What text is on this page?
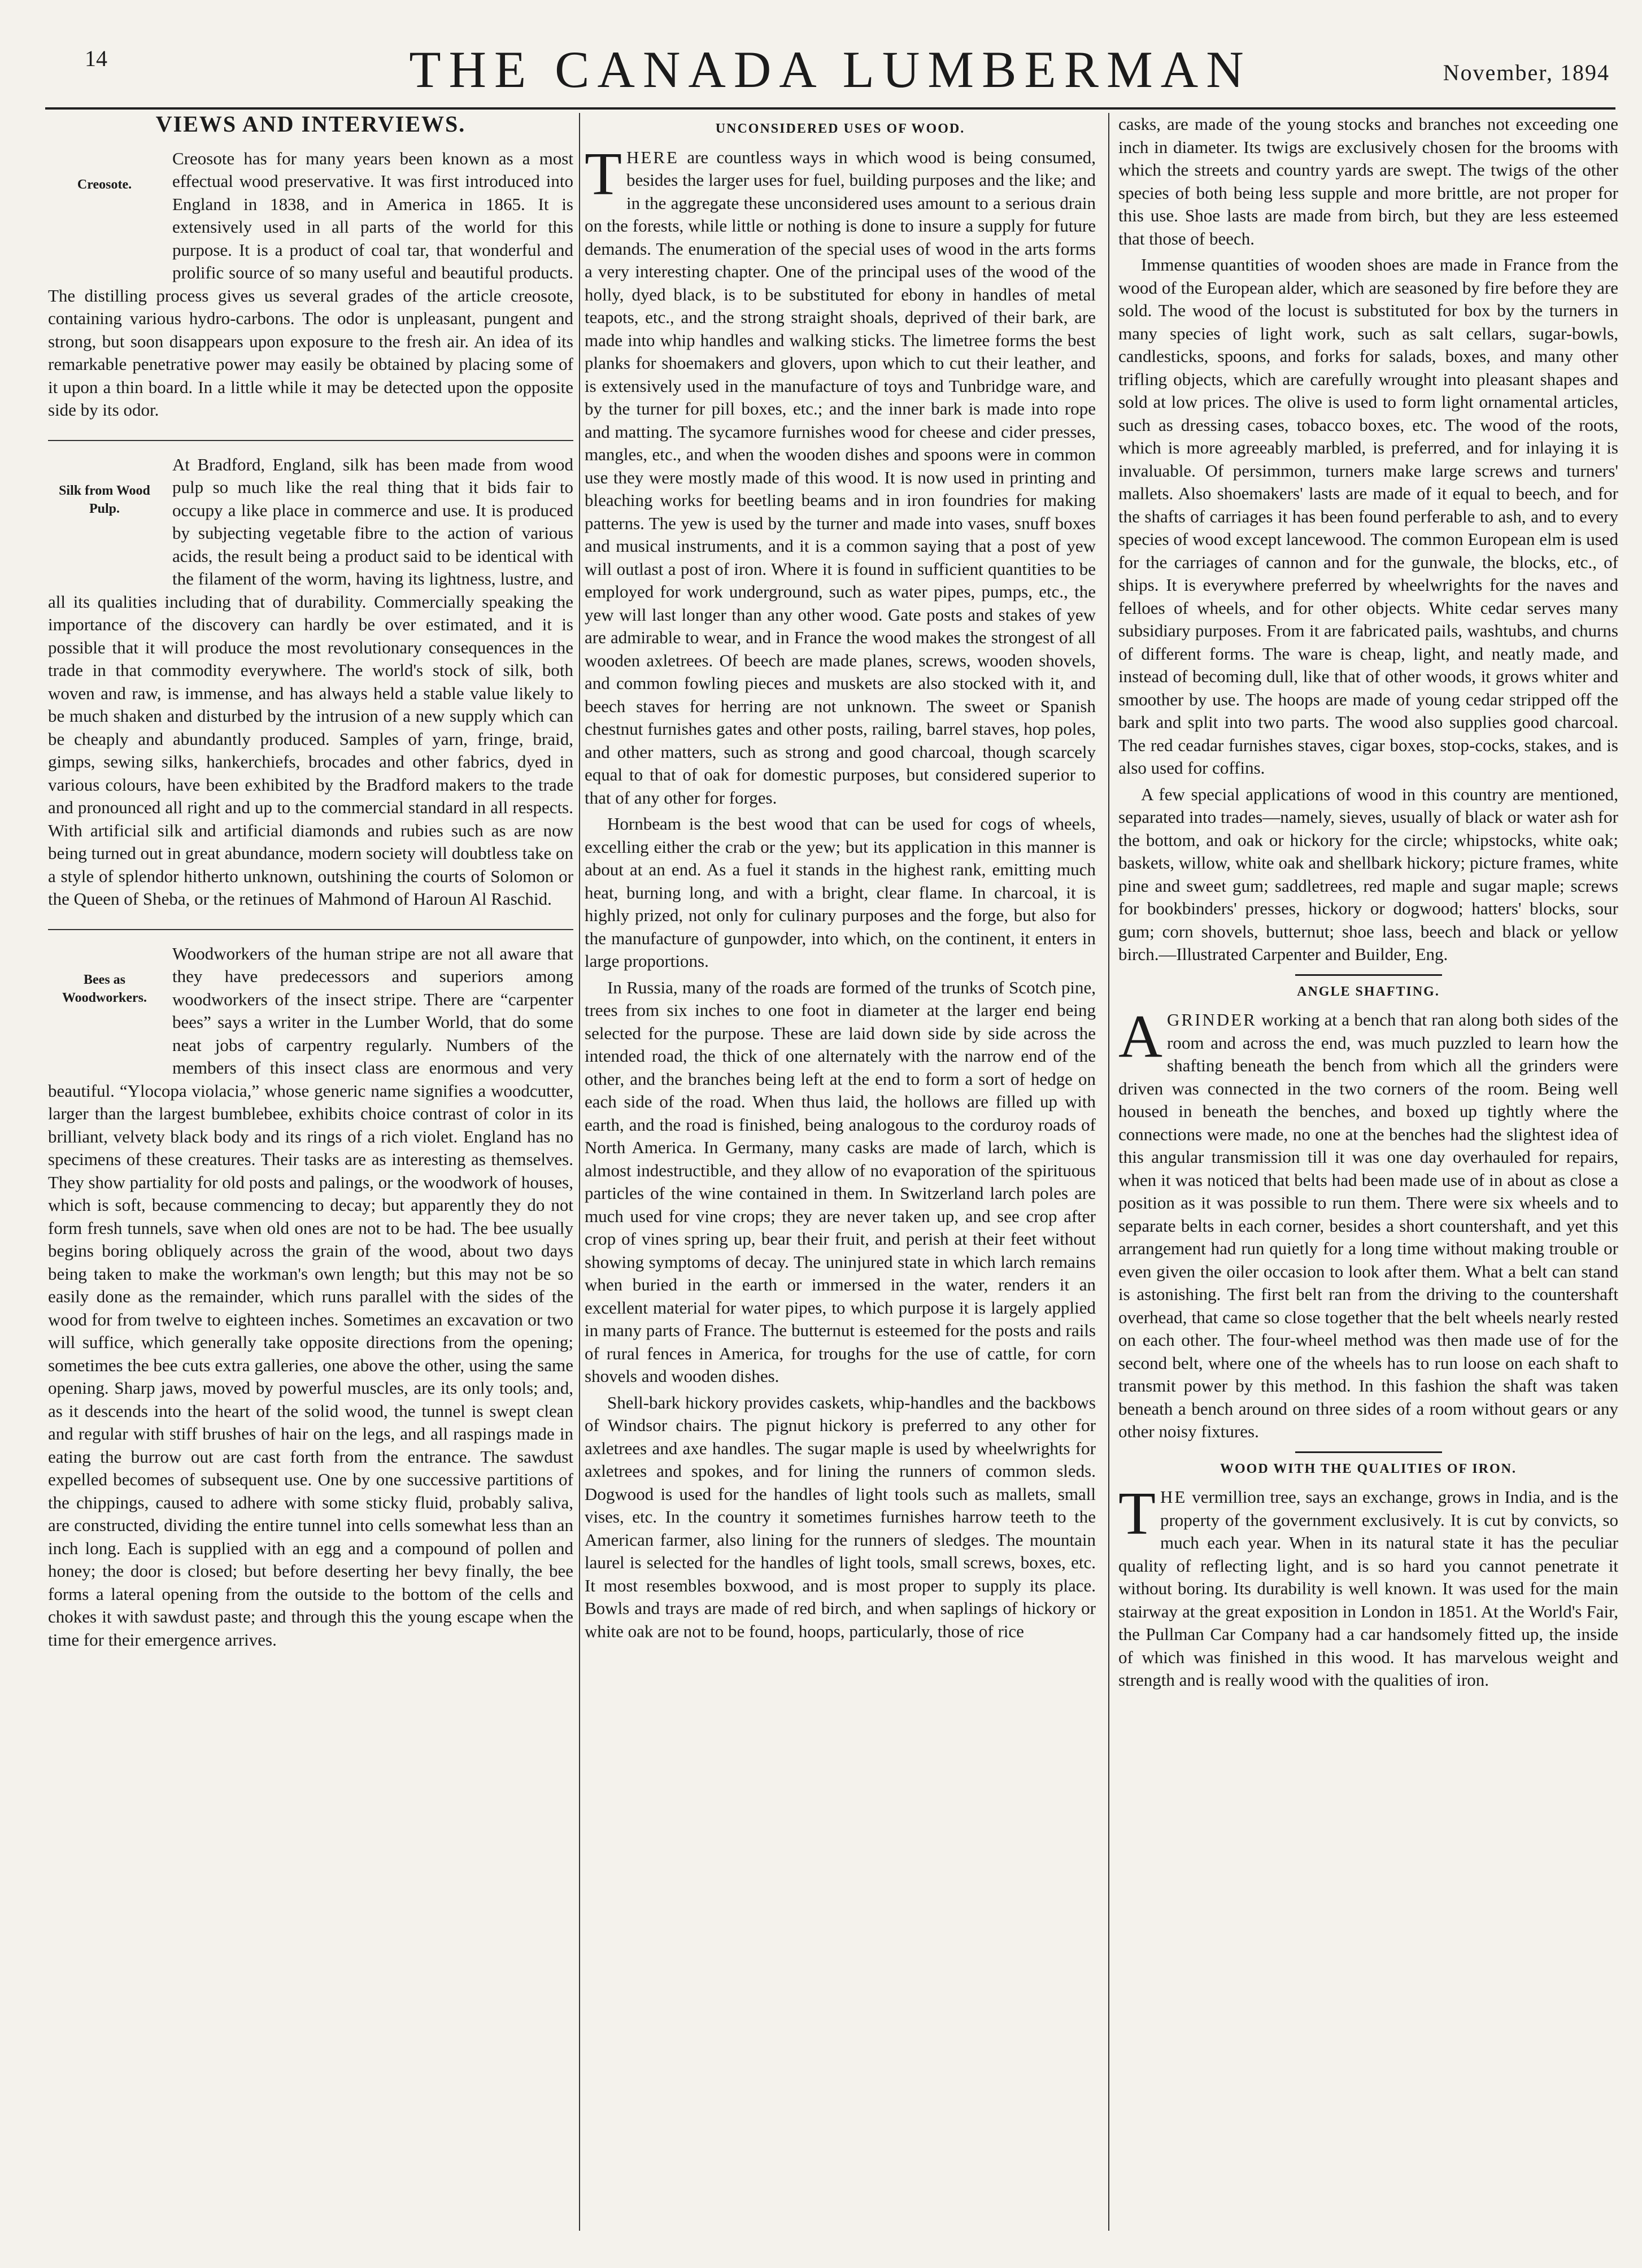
14	THE CANADA LUMBERMAN	November, 1894
VIEWS AND INTERVIEWS.
Creosote.

Creosote has for many years been known as a most effectual wood preservative. It was first introduced into England in 1838, and in America in 1865. It is extensively used in all parts of the world for this purpose. It is a product of coal tar, that wonderful and prolific source of so many useful and beautiful products. The distilling process gives us several grades of the article creosote, containing various hydro-carbons. The odor is unpleasant, pungent and strong, but soon disappears upon exposure to the fresh air. An idea of its remarkable penetrative power may easily be obtained by placing some of it upon a thin board. In a little while it may be detected upon the opposite side by its odor.

Silk from Wood Pulp.

At Bradford, England, silk has been made from wood pulp so much like the real thing that it bids fair to occupy a like place in commerce and use. It is produced by subjecting vegetable fibre to the action of various acids, the result being a product said to be identical with the filament of the worm, having its lightness, lustre, and all its qualities including that of durability. Commercially speaking the importance of the discovery can hardly be over estimated, and it is possible that it will produce the most revolutionary consequences in the trade in that commodity everywhere. The world's stock of silk, both woven and raw, is immense, and has always held a stable value likely to be much shaken and disturbed by the intrusion of a new supply which can be cheaply and abundantly produced. Samples of yarn, fringe, braid, gimps, sewing silks, hankerchiefs, brocades and other fabrics, dyed in various colours, have been exhibited by the Bradford makers to the trade and pronounced all right and up to the commercial standard in all respects. With artificial silk and artificial diamonds and rubies such as are now being turned out in great abundance, modern society will doubtless take on a style of splendor hitherto unknown, outshining the courts of Solomon or the Queen of Sheba, or the retinues of Mahmond of Haroun Al Raschid.

Bees as Woodworkers.

Woodworkers of the human stripe are not all aware that they have predecessors and superiors among woodworkers of the insect stripe. There are “carpenter bees” says a writer in the Lumber World, that do some neat jobs of carpentry regularly. Numbers of the members of this insect class are enormous and very beautiful. “Ylocopa violacia,” whose generic name signifies a woodcutter, larger than the largest bumblebee, exhibits choice contrast of color in its brilliant, velvety black body and its rings of a rich violet. England has no specimens of these creatures. Their tasks are as interesting as themselves. They show partiality for old posts and palings, or the woodwork of houses, which is soft, because commencing to decay; but apparently they do not form fresh tunnels, save when old ones are not to be had. The bee usually begins boring obliquely across the grain of the wood, about two days being taken to make the workman's own length; but this may not be so easily done as the remainder, which runs parallel with the sides of the wood for from twelve to eighteen inches. Sometimes an excavation or two will suffice, which generally take opposite directions from the opening; sometimes the bee cuts extra galleries, one above the other, using the same opening. Sharp jaws, moved by powerful muscles, are its only tools; and, as it descends into the heart of the solid wood, the tunnel is swept clean and regular with stiff brushes of hair on the legs, and all raspings made in eating the burrow out are cast forth from the entrance. The sawdust expelled becomes of subsequent use. One by one successive partitions of the chippings, caused to adhere with some sticky fluid, probably saliva, are constructed, dividing the entire tunnel into cells somewhat less than an inch long. Each is supplied with an egg and a compound of pollen and honey; the door is closed; but before deserting her bevy finally, the bee forms a lateral opening from the outside to the bottom of the cells and chokes it with sawdust paste; and through this the young escape when the time for their emergence arrives.

UNCONSIDERED USES OF WOOD.

THERE are countless ways in which wood is being consumed, besides the larger uses for fuel, building purposes and the like; and in the aggregate these unconsidered uses amount to a serious drain on the forests, while little or nothing is done to insure a supply for future demands. The enumeration of the special uses of wood in the arts forms a very interesting chapter. One of the principal uses of the wood of the holly, dyed black, is to be substituted for ebony in handles of metal teapots, etc., and the strong straight shoals, deprived of their bark, are made into whip handles and walking sticks. The limetree forms the best planks for shoemakers and glovers, upon which to cut their leather, and is extensively used in the manufacture of toys and Tunbridge ware, and by the turner for pill boxes, etc.; and the inner bark is made into rope and matting. The sycamore furnishes wood for cheese and cider presses, mangles, etc., and when the wooden dishes and spoons were in common use they were mostly made of this wood. It is now used in printing and bleaching works for beetling beams and in iron foundries for making patterns. The yew is used by the turner and made into vases, snuff boxes and musical instruments, and it is a common saying that a post of yew will outlast a post of iron. Where it is found in sufficient quantities to be employed for work underground, such as water pipes, pumps, etc., the yew will last longer than any other wood. Gate posts and stakes of yew are admirable to wear, and in France the wood makes the strongest of all wooden axletrees. Of beech are made planes, screws, wooden shovels, and common fowling pieces and muskets are also stocked with it, and beech staves for herring are not unknown. The sweet or Spanish chestnut furnishes gates and other posts, railing, barrel staves, hop poles, and other matters, such as strong and good charcoal, though scarcely equal to that of oak for domestic purposes, but considered superior to that of any other for forges.

Hornbeam is the best wood that can be used for cogs of wheels, excelling either the crab or the yew; but its application in this manner is about at an end. As a fuel it stands in the highest rank, emitting much heat, burning long, and with a bright, clear flame. In charcoal, it is highly prized, not only for culinary purposes and the forge, but also for the manufacture of gunpowder, into which, on the continent, it enters in large proportions.

In Russia, many of the roads are formed of the trunks of Scotch pine, trees from six inches to one foot in diameter at the larger end being selected for the purpose. These are laid down side by side across the intended road, the thick of one alternately with the narrow end of the other, and the branches being left at the end to form a sort of hedge on each side of the road. When thus laid, the hollows are filled up with earth, and the road is finished, being analogous to the corduroy roads of North America. In Germany, many casks are made of larch, which is almost indestructible, and they allow of no evaporation of the spirituous particles of the wine contained in them. In Switzerland larch poles are much used for vine crops; they are never taken up, and see crop after crop of vines spring up, bear their fruit, and perish at their feet without showing symptoms of decay. The uninjured state in which larch remains when buried in the earth or immersed in the water, renders it an excellent material for water pipes, to which purpose it is largely applied in many parts of France. The butternut is esteemed for the posts and rails of rural fences in America, for troughs for the use of cattle, for corn shovels and wooden dishes.

Shell-bark hickory provides caskets, whip-handles and the backbows of Windsor chairs. The pignut hickory is preferred to any other for axletrees and axe handles. The sugar maple is used by wheelwrights for axletrees and spokes, and for lining the runners of common sleds. Dogwood is used for the handles of light tools such as mallets, small vises, etc. In the country it sometimes furnishes harrow teeth to the American farmer, also lining for the runners of sledges. The mountain laurel is selected for the handles of light tools, small screws, boxes, etc. It most resembles boxwood, and is most proper to supply its place. Bowls and trays are made of red birch, and when saplings of hickory or white oak are not to be found, hoops, particularly, those of rice

casks, are made of the young stocks and branches not exceeding one inch in diameter. Its twigs are exclusively chosen for the brooms with which the streets and country yards are swept. The twigs of the other species of both being less supple and more brittle, are not proper for this use. Shoe lasts are made from birch, but they are less esteemed that those of beech.

Immense quantities of wooden shoes are made in France from the wood of the European alder, which are seasoned by fire before they are sold. The wood of the locust is substituted for box by the turners in many species of light work, such as salt cellars, sugar-bowls, candlesticks, spoons, and forks for salads, boxes, and many other trifling objects, which are carefully wrought into pleasant shapes and sold at low prices. The olive is used to form light ornamental articles, such as dressing cases, tobacco boxes, etc. The wood of the roots, which is more agreeably marbled, is preferred, and for inlaying it is invaluable. Of persimmon, turners make large screws and turners' mallets. Also shoemakers' lasts are made of it equal to beech, and for the shafts of carriages it has been found perferable to ash, and to every species of wood except lancewood. The common European elm is used for the carriages of cannon and for the gunwale, the blocks, etc., of ships. It is everywhere preferred by wheelwrights for the naves and felloes of wheels, and for other objects. White cedar serves many subsidiary purposes. From it are fabricated pails, washtubs, and churns of different forms. The ware is cheap, light, and neatly made, and instead of becoming dull, like that of other woods, it grows whiter and smoother by use. The hoops are made of young cedar stripped off the bark and split into two parts. The wood also supplies good charcoal. The red ceadar furnishes staves, cigar boxes, stop-cocks, stakes, and is also used for coffins.

A few special applications of wood in this country are mentioned, separated into trades—namely, sieves, usually of black or water ash for the bottom, and oak or hickory for the circle; whipstocks, white oak; baskets, willow, white oak and shellbark hickory; picture frames, white pine and sweet gum; saddletrees, red maple and sugar maple; screws for bookbinders' presses, hickory or dogwood; hatters' blocks, sour gum; corn shovels, butternut; shoe lass, beech and black or yellow birch.—Illustrated Carpenter and Builder, Eng.

ANGLE SHAFTING.

AGRINDER working at a bench that ran along both sides of the room and across the end, was much puzzled to learn how the shafting beneath the bench from which all the grinders were driven was connected in the two corners of the room. Being well housed in beneath the benches, and boxed up tightly where the connections were made, no one at the benches had the slightest idea of this angular transmission till it was one day overhauled for repairs, when it was noticed that belts had been made use of in about as close a position as it was possible to run them. There were six wheels and to separate belts in each corner, besides a short countershaft, and yet this arrangement had run quietly for a long time without making trouble or even given the oiler occasion to look after them. What a belt can stand is astonishing. The first belt ran from the driving to the countershaft overhead, that came so close together that the belt wheels nearly rested on each other. The four-wheel method was then made use of for the second belt, where one of the wheels has to run loose on each shaft to transmit power by this method. In this fashion the shaft was taken beneath a bench around on three sides of a room without gears or any other noisy fixtures.

WOOD WITH THE QUALITIES OF IRON.

THE vermillion tree, says an exchange, grows in India, and is the property of the government exclusively. It is cut by convicts, so much each year. When in its natural state it has the peculiar quality of reflecting light, and is so hard you cannot penetrate it without boring. Its durability is well known. It was used for the main stairway at the great exposition in London in 1851. At the World's Fair, the Pullman Car Company had a car handsomely fitted up, the inside of which was finished in this wood. It has marvelous weight and strength and is really wood with the qualities of iron.
